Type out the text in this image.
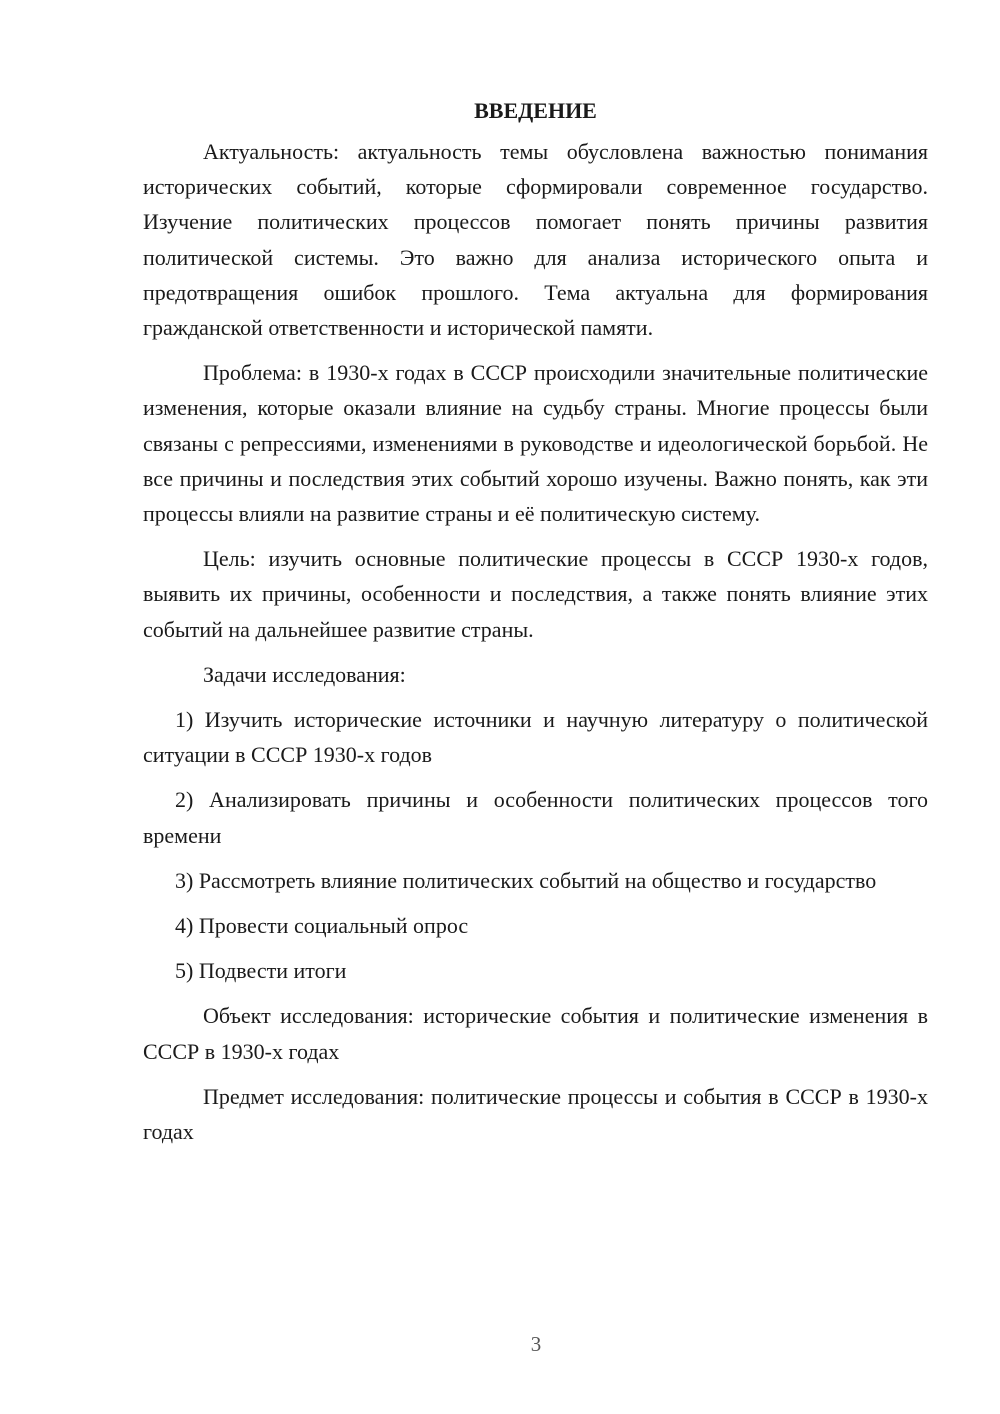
ВВЕДЕНИЕ

Актуальность: актуальность темы обусловлена важностью понимания исторических событий, которые сформировали современное государство. Изучение политических процессов помогает понять причины развития политической системы. Это важно для анализа исторического опыта и предотвращения ошибок прошлого. Тема актуальна для формирования гражданской ответственности и исторической памяти.

Проблема: в 1930-х годах в СССР происходили значительные политические изменения, которые оказали влияние на судьбу страны. Многие процессы были связаны с репрессиями, изменениями в руководстве и идеологической борьбой. Не все причины и последствия этих событий хорошо изучены. Важно понять, как эти процессы влияли на развитие страны и её политическую систему.

Цель: изучить основные политические процессы в СССР 1930-х годов, выявить их причины, особенности и последствия, а также понять влияние этих событий на дальнейшее развитие страны.

Задачи исследования:

1) Изучить исторические источники и научную литературу о политической ситуации в СССР 1930-х годов

2) Анализировать причины и особенности политических процессов того времени

3) Рассмотреть влияние политических событий на общество и государство

4) Провести социальный опрос

5) Подвести итоги

Объект исследования: исторические события и политические изменения в СССР в 1930-х годах

Предмет исследования: политические процессы и события в СССР в 1930-х годах

3
